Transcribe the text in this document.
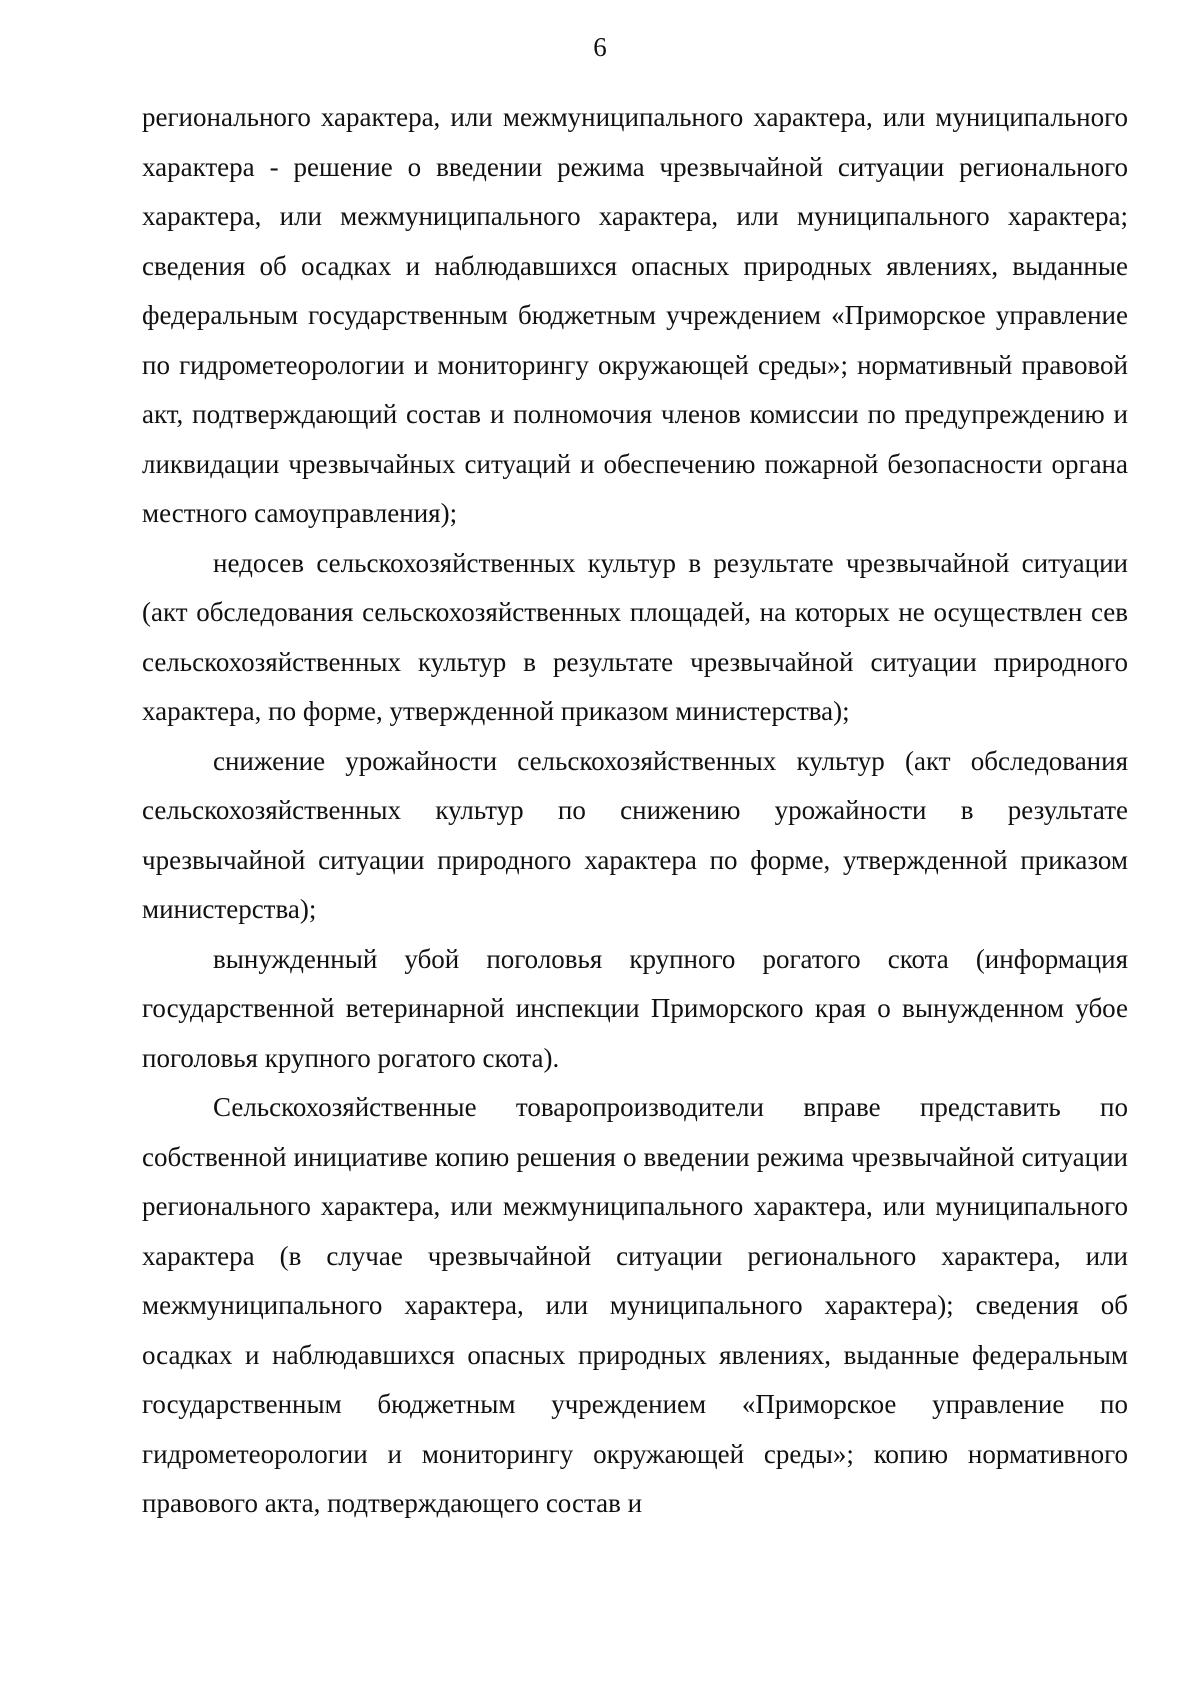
6

регионального характера, или межмуниципального характера, или муниципального характера - решение о введении режима чрезвычайной ситуации регионального характера, или межмуниципального характера, или муниципального характера; сведения об осадках и наблюдавшихся опасных природных явлениях, выданные федеральным государственным бюджетным учреждением «Приморское управление по гидрометеорологии и мониторингу окружающей среды»; нормативный правовой акт, подтверждающий состав и полномочия членов комиссии по предупреждению и ликвидации чрезвычайных ситуаций и обеспечению пожарной безопасности органа местного самоуправления);

недосев сельскохозяйственных культур в результате чрезвычайной ситуации (акт обследования сельскохозяйственных площадей, на которых не осуществлен сев сельскохозяйственных культур в результате чрезвычайной ситуации природного характера, по форме, утвержденной приказом министерства);

снижение урожайности сельскохозяйственных культур (акт обследования сельскохозяйственных культур по снижению урожайности в результате чрезвычайной ситуации природного характера по форме, утвержденной приказом министерства);

вынужденный убой поголовья крупного рогатого скота (информация государственной ветеринарной инспекции Приморского края о вынужденном убое поголовья крупного рогатого скота).

Сельскохозяйственные товаропроизводители вправе представить по собственной инициативе копию решения о введении режима чрезвычайной ситуации регионального характера, или межмуниципального характера, или муниципального характера (в случае чрезвычайной ситуации регионального характера, или межмуниципального характера, или муниципального характера); сведения об осадках и наблюдавшихся опасных природных явлениях, выданные федеральным государственным бюджетным учреждением «Приморское управление по гидрометеорологии и мониторингу окружающей среды»; копию нормативного правового акта, подтверждающего состав и
